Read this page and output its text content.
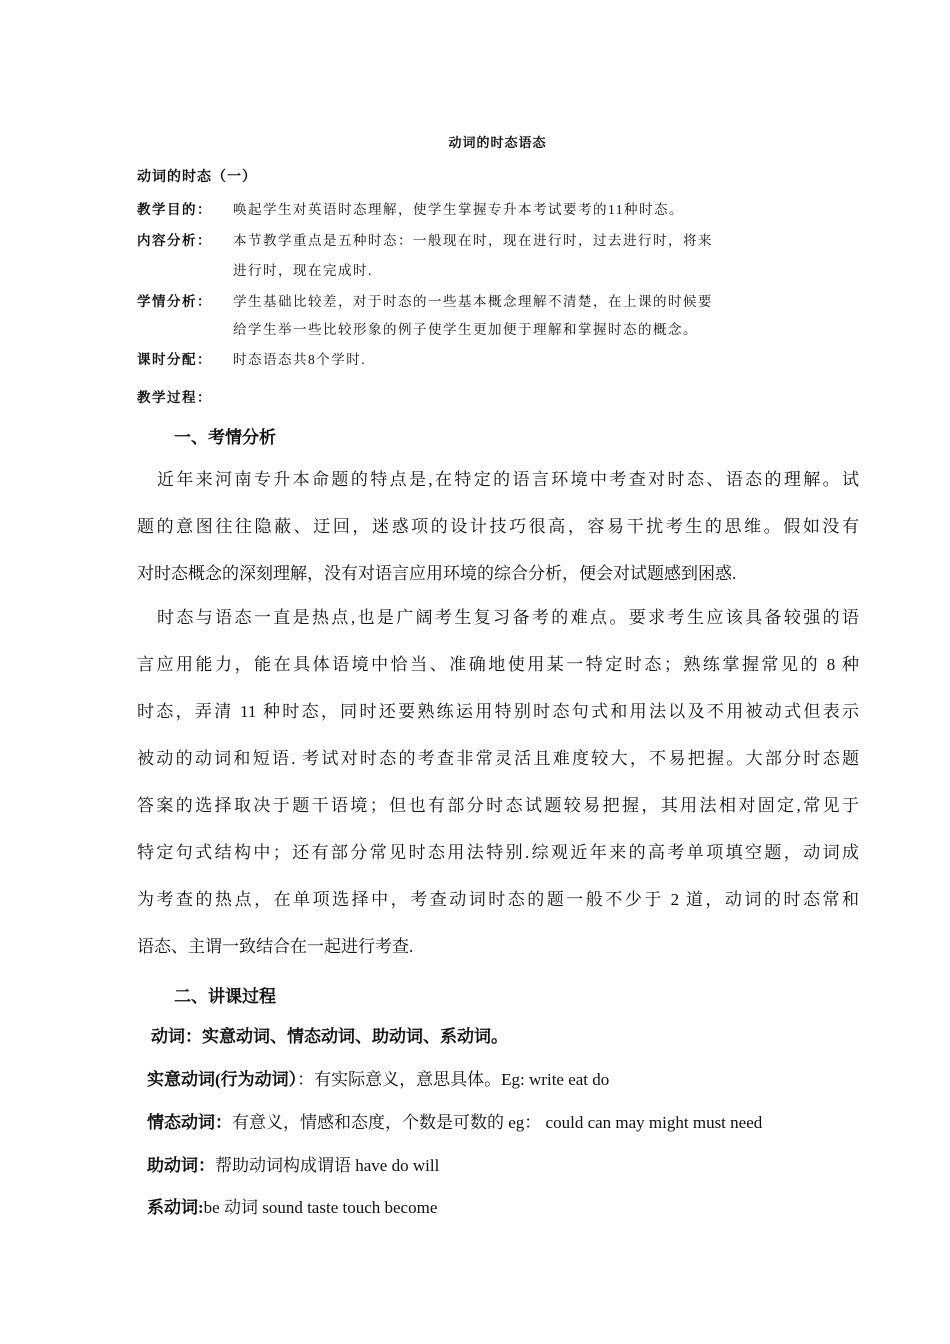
动词的时态语态
动词的时态（一）
教学目的： 唤起学生对英语时态理解，使学生掌握专升本考试要考的11种时态。
内容分析： 本节教学重点是五种时态：一般现在时，现在进行时，过去进行时，将来
进行时，现在完成时.
学情分析： 学生基础比较差，对于时态的一些基本概念理解不清楚，在上课的时候要
给学生举一些比较形象的例子使学生更加便于理解和掌握时态的概念。
课时分配： 时态语态共8个学时.
教学过程：
一、考情分析
近年来河南专升本命题的特点是,在特定的语言环境中考查对时态、语态的理解。试
题的意图往往隐蔽、迂回，迷惑项的设计技巧很高，容易干扰考生的思维。假如没有
对时态概念的深刻理解，没有对语言应用环境的综合分析，便会对试题感到困惑.
时态与语态一直是热点,也是广阔考生复习备考的难点。要求考生应该具备较强的语
言应用能力，能在具体语境中恰当、准确地使用某一特定时态；熟练掌握常见的 8 种
时态，弄清 11 种时态，同时还要熟练运用特别时态句式和用法以及不用被动式但表示
被动的动词和短语. 考试对时态的考查非常灵活且难度较大，不易把握。大部分时态题
答案的选择取决于题干语境；但也有部分时态试题较易把握，其用法相对固定,常见于
特定句式结构中；还有部分常见时态用法特别.综观近年来的高考单项填空题，动词成
为考查的热点，在单项选择中，考查动词时态的题一般不少于 2 道，动词的时态常和
语态、主谓一致结合在一起进行考查.
二、讲课过程
动词：实意动词、情态动词、助动词、系动词。
实意动词(行为动词）：有实际意义，意思具体。Eg: write eat do
情态动词：有意义，情感和态度，个数是可数的 eg： could can may might must need
助动词：帮助动词构成谓语 have do will
系动词:be 动词 sound taste touch become
